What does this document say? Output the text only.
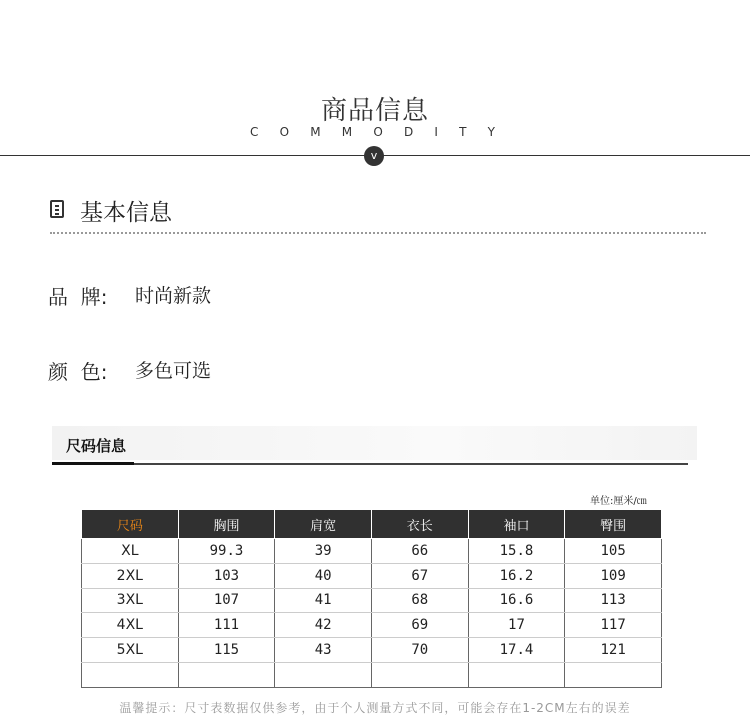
商品信息
C O M M O D I T Y
v
基本信息
品  牌: 时尚新款
颜  色: 多色可选
尺码信息
单位:厘米/㎝
尺码	胸围	肩宽	衣长	袖口	臀围
XL	99.3	39	66	15.8	105
2XL	103	40	67	16.2	109
3XL	107	41	68	16.6	113
4XL	111	42	69	17	117
5XL	115	43	70	17.4	121

温馨提示：尺寸表数据仅供参考，由于个人测量方式不同，可能会存在1-2CM左右的误差
